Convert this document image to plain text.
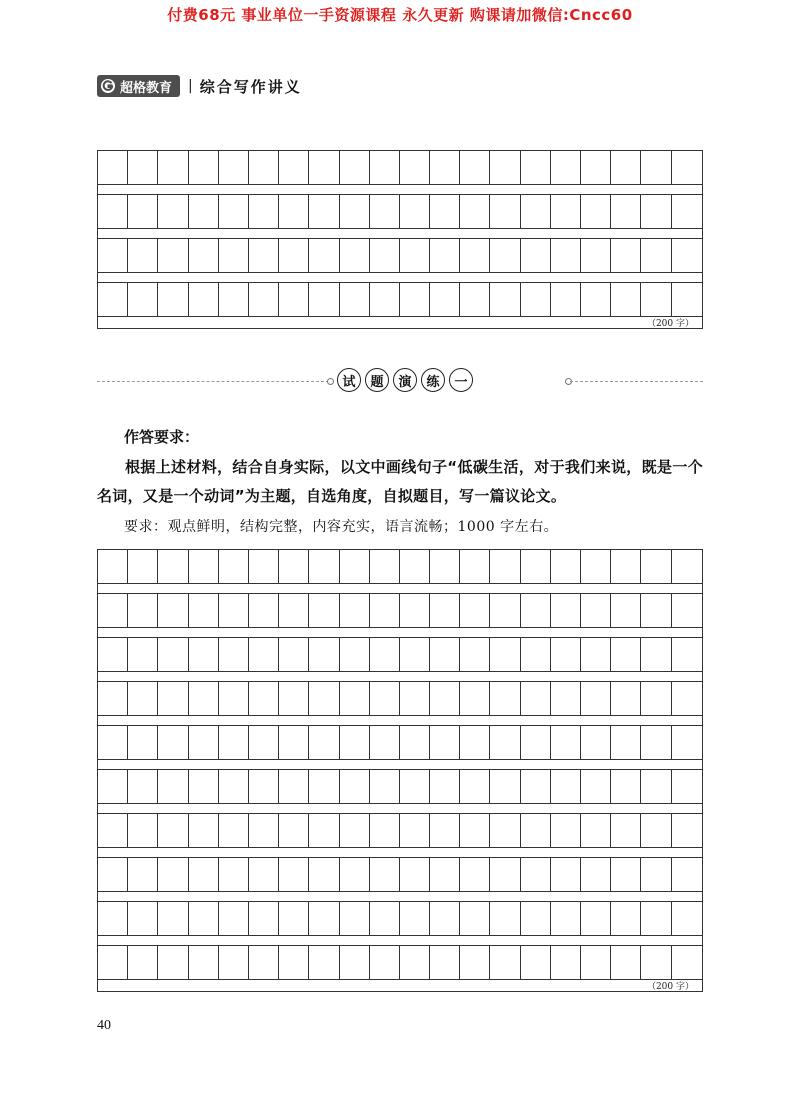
付费68元 事业单位一手资源课程 永久更新 购课请加微信:Cncc60
超格教育 | 综合写作讲义
（200 字）
试	题	演	练	一
作答要求：
根据上述材料，结合自身实际，以文中画线句子“低碳生活，对于我们来说，既是一个名词，又是一个动词”为主题，自选角度，自拟题目，写一篇议论文。
要求：观点鲜明，结构完整，内容充实，语言流畅；1000 字左右。
（200 字）
40
